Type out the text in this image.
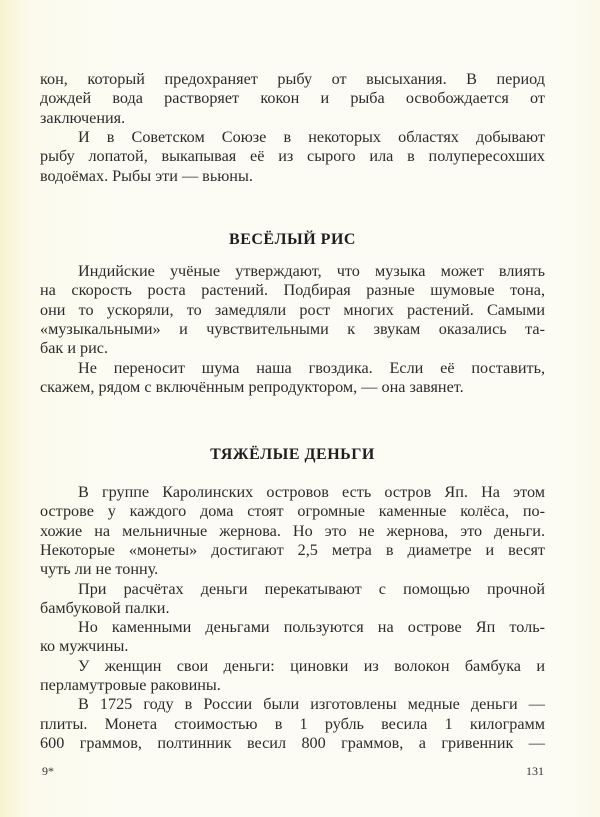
кон, который предохраняет рыбу от высыхания. В период
дождей вода растворяет кокон и рыба освобождается от
заключения.
И в Советском Союзе в некоторых областях добывают
рыбу лопатой, выкапывая её из сырого ила в полупересохших
водоёмах. Рыбы эти — вьюны.
ВЕСЁЛЫЙ РИС
Индийские учёные утверждают, что музыка может влиять
на скорость роста растений. Подбирая разные шумовые тона,
они то ускоряли, то замедляли рост многих растений. Самыми
«музыкальными» и чувствительными к звукам оказались та-
бак и рис.
Не переносит шума наша гвоздика. Если её поставить,
скажем, рядом с включённым репродуктором, — она завянет.
ТЯЖЁЛЫЕ ДЕНЬГИ
В группе Каролинских островов есть остров Яп. На этом
острове у каждого дома стоят огромные каменные колёса, по-
хожие на мельничные жернова. Но это не жернова, это деньги.
Некоторые «монеты» достигают 2,5 метра в диаметре и весят
чуть ли не тонну.
При расчётах деньги перекатывают с помощью прочной
бамбуковой палки.
Но каменными деньгами пользуются на острове Яп толь-
ко мужчины.
У женщин свои деньги: циновки из волокон бамбука и
перламутровые раковины.
В 1725 году в России были изготовлены медные деньги —
плиты. Монета стоимостью в 1 рубль весила 1 килограмм
600 граммов, полтинник весил 800 граммов, а гривенник —
9*	131
